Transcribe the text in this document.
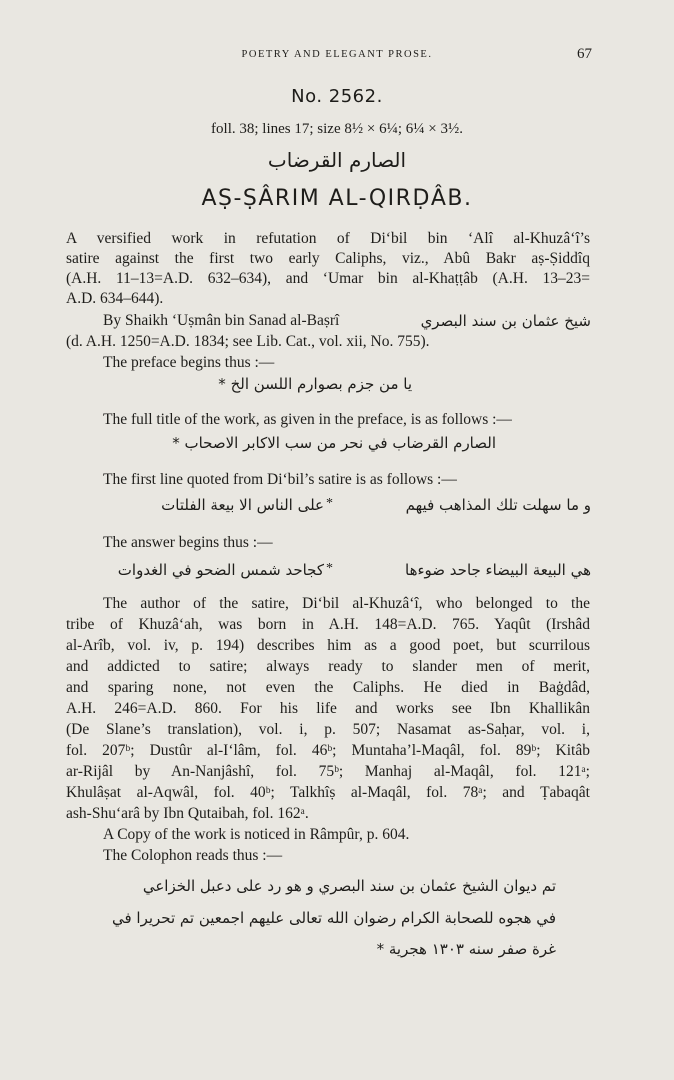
POETRY AND ELEGANT PROSE.	67
No. 2562.
foll. 38; lines 17; size 8½ × 6¼; 6¼ × 3½.
الصارم القرضاب
AṢ-ṢÂRIM AL-QIRḌÂB.
A versified work in refutation of Di‘bil bin ‘Alî al-Khuzâ‘î’s
satire against the first two early Caliphs, viz., Abû Bakr aṣ-Ṣiddîq
(A.H. 11–13=A.D. 632–634), and ‘Umar bin al-Khaṭṭâb (A.H. 13–23=
A.D. 634–644).
By Shaikh ‘Uṣmân bin Sanad al-Baṣrî	شيخ عثمان بن سند البصري
(d. A.H. 1250=A.D. 1834; see Lib. Cat., vol. xii, No. 755).
The preface begins thus :—
يا من جزم بصوارم اللسن الخ *
The full title of the work, as given in the preface, is as follows :—
الصارم القرضاب في نحر من سب الاكابر الاصحاب *
The first line quoted from Di‘bil’s satire is as follows :—
و ما سهلت تلك المذاهب فيهم
*
على الناس الا بيعة الفلتات
The answer begins thus :—
هي البيعة البيضاء جاحد ضوءها
*
كجاحد شمس الضحو في الغدوات
The author of the satire, Di‘bil al-Khuzâ‘î, who belonged to the
tribe of Khuzâ‘ah, was born in A.H. 148=A.D. 765. Yaqût (Irshâd
al-Arîb, vol. iv, p. 194) describes him as a good poet, but scurrilous
and addicted to satire; always ready to slander men of merit,
and sparing none, not even the Caliphs. He died in Baġdâd,
A.H. 246=A.D. 860. For his life and works see Ibn Khallikân
(De Slane’s translation), vol. i, p. 507; Nasamat as-Saḥar, vol. i,
fol. 207ᵇ; Dustûr al-I‘lâm, fol. 46ᵇ; Muntaha’l-Maqâl, fol. 89ᵇ; Kitâb
ar-Rijâl by An-Nanjâshî, fol. 75ᵇ; Manhaj al-Maqâl, fol. 121ᵃ;
Khulâṣat al-Aqwâl, fol. 40ᵇ; Talkhîṣ al-Maqâl, fol. 78ᵃ; and Ṭabaqât
ash-Shu‘arâ by Ibn Qutaibah, fol. 162ᵃ.
A Copy of the work is noticed in Râmpûr, p. 604.
The Colophon reads thus :—
تم ديوان الشيخ عثمان بن سند البصري و هو رد على دعبل الخزاعي
في هجوه للصحابة الكرام رضوان الله تعالى عليهم اجمعين تم تحريرا في
غرة صفر سنه ١٣٠٣ هجرية *
